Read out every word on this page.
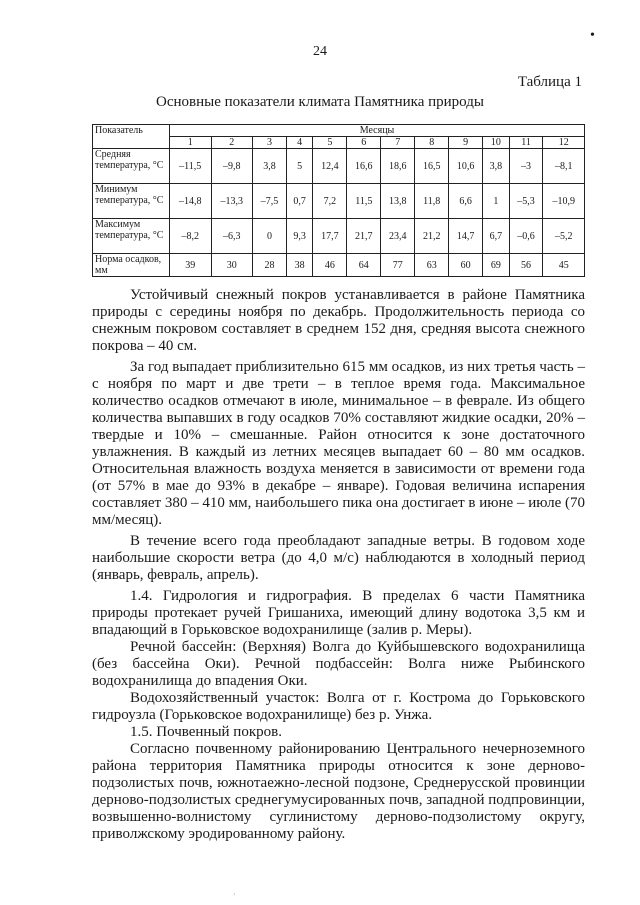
•
24
Таблица 1
Основные показатели климата Памятника природы
Показатель	Месяцы											
	1	2	3	4	5	6	7	8	9	10	11	12
Средняя температура, °С	–11,5	–9,8	3,8	5	12,4	16,6	18,6	16,5	10,6	3,8	–3	–8,1
Минимум температура, °С	–14,8	–13,3	–7,5	0,7	7,2	11,5	13,8	11,8	6,6	1	–5,3	–10,9
Максимум температура, °С	–8,2	–6,3	0	9,3	17,7	21,7	23,4	21,2	14,7	6,7	–0,6	–5,2
Норма осадков, мм	39	30	28	38	46	64	77	63	60	69	56	45

Устойчивый снежный покров устанавливается в районе Памятника природы с середины ноября по декабрь. Продолжительность периода со снежным покровом составляет в среднем 152 дня, средняя высота снежного покрова – 40 см.

За год выпадает приблизительно 615 мм осадков, из них третья часть – с ноября по март и две трети – в теплое время года. Максимальное количество осадков отмечают в июле, минимальное – в феврале. Из общего количества выпавших в году осадков 70% составляют жидкие осадки, 20% – твердые и 10% – смешанные. Район относится к зоне достаточного увлажнения. В каждый из летних месяцев выпадает 60 – 80 мм осадков. Относительная влажность воздуха меняется в зависимости от времени года (от 57% в мае до 93% в декабре – январе). Годовая величина испарения составляет 380 – 410 мм, наибольшего пика она достигает в июне – июле (70 мм/месяц).

В течение всего года преобладают западные ветры. В годовом ходе наибольшие скорости ветра (до 4,0 м/с) наблюдаются в холодный период (январь, февраль, апрель).

1.4. Гидрология и гидрография. В пределах 6 части Памятника природы протекает ручей Гришаниха, имеющий длину водотока 3,5 км и впадающий в Горьковское водохранилище (залив р. Меры).

Речной бассейн: (Верхняя) Волга до Куйбышевского водохранилища (без бассейна Оки). Речной подбассейн: Волга ниже Рыбинского водохранилища до впадения Оки.

Водохозяйственный участок: Волга от г. Кострома до Горьковского гидроузла (Горьковское водохранилище) без р. Унжа.

1.5. Почвенный покров.

Согласно почвенному районированию Центрального нечерноземного района территория Памятника природы относится к зоне дерново-подзолистых почв, южнотаежно-лесной подзоне, Среднерусской провинции дерново-подзолистых среднегумусированных почв, западной подпровинции, возвышенно-волнистому суглинистому дерново-подзолистому округу, приволжскому эродированному району.

·
